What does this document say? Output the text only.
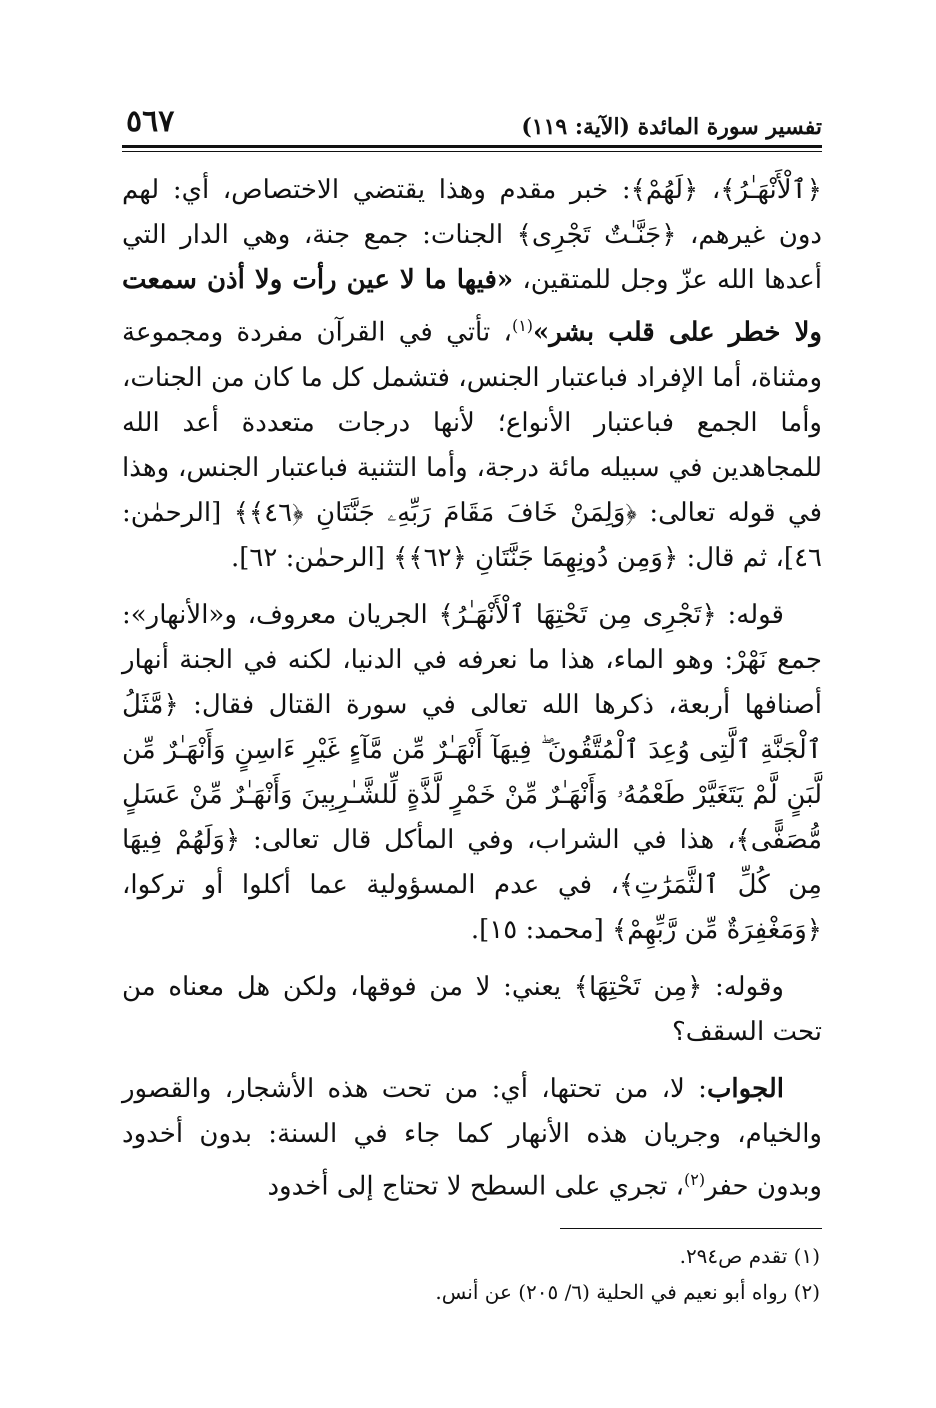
تفسير سورة المائدة (الآية: ١١٩)
٥٦٧

﴿ٱلْأَنْهَـٰرُ﴾، ﴿لَهُمْ﴾: خبر مقدم وهذا يقتضي الاختصاص، أي: لهم دون غيرهم، ﴿جَنَّـٰتٌ تَجْرِى﴾ الجنات: جمع جنة، وهي الدار التي أعدها الله عزّ وجل للمتقين، «فيها ما لا عين رأت ولا أذن سمعت ولا خطر على قلب بشر»$^{(١)}$، تأتي في القرآن مفردة ومجموعة ومثناة، أما الإفراد فباعتبار الجنس، فتشمل كل ما كان من الجنات، وأما الجمع فباعتبار الأنواع؛ لأنها درجات متعددة أعد الله للمجاهدين في سبيله مائة درجة، وأما التثنية فباعتبار الجنس، وهذا في قوله تعالى: ﴿وَلِمَنْ خَافَ مَقَامَ رَبِّهِۦ جَنَّتَانِ ﴿٤٦﴾﴾ [الرحمٰن: ٤٦]، ثم قال: ﴿وَمِن دُونِهِمَا جَنَّتَانِ ﴿٦٢﴾﴾ [الرحمٰن: ٦٢].

قوله: ﴿تَجْرِى مِن تَحْتِهَا ٱلْأَنْهَـٰرُ﴾ الجريان معروف، و«الأنهار»: جمع نَهْرْ: وهو الماء، هذا ما نعرفه في الدنيا، لكنه في الجنة أنهار أصنافها أربعة، ذكرها الله تعالى في سورة القتال فقال: ﴿مَّثَلُ ٱلْجَنَّةِ ٱلَّتِى وُعِدَ ٱلْمُتَّقُونَ ۖ فِيهَآ أَنْهَـٰرٌ مِّن مَّآءٍ غَيْرِ ءَاسِنٍ وَأَنْهَـٰرٌ مِّن لَّبَنٍ لَّمْ يَتَغَيَّرْ طَعْمُهُۥ وَأَنْهَـٰرٌ مِّنْ خَمْرٍ لَّذَّةٍ لِّلشَّـٰرِبِينَ وَأَنْهَـٰرٌ مِّنْ عَسَلٍ مُّصَفًّى﴾، هذا في الشراب، وفي المأكل قال تعالى: ﴿وَلَهُمْ فِيهَا مِن كُلِّ ٱلثَّمَرَٰتِ﴾، في عدم المسؤولية عما أكلوا أو تركوا، ﴿وَمَغْفِرَةٌ مِّن رَّبِّهِمْ﴾ [محمد: ١٥].

وقوله: ﴿مِن تَحْتِهَا﴾ يعني: لا من فوقها، ولكن هل معناه من تحت السقف؟

الجواب: لا، من تحتها، أي: من تحت هذه الأشجار، والقصور والخيام، وجريان هذه الأنهار كما جاء في السنة: بدون أخدود وبدون حفر$^{(٢)}$، تجري على السطح لا تحتاج إلى أخدود

(١) تقدم ص٢٩٤.
(٢) رواه أبو نعيم في الحلية (٦/ ٢٠٥) عن أنس.
